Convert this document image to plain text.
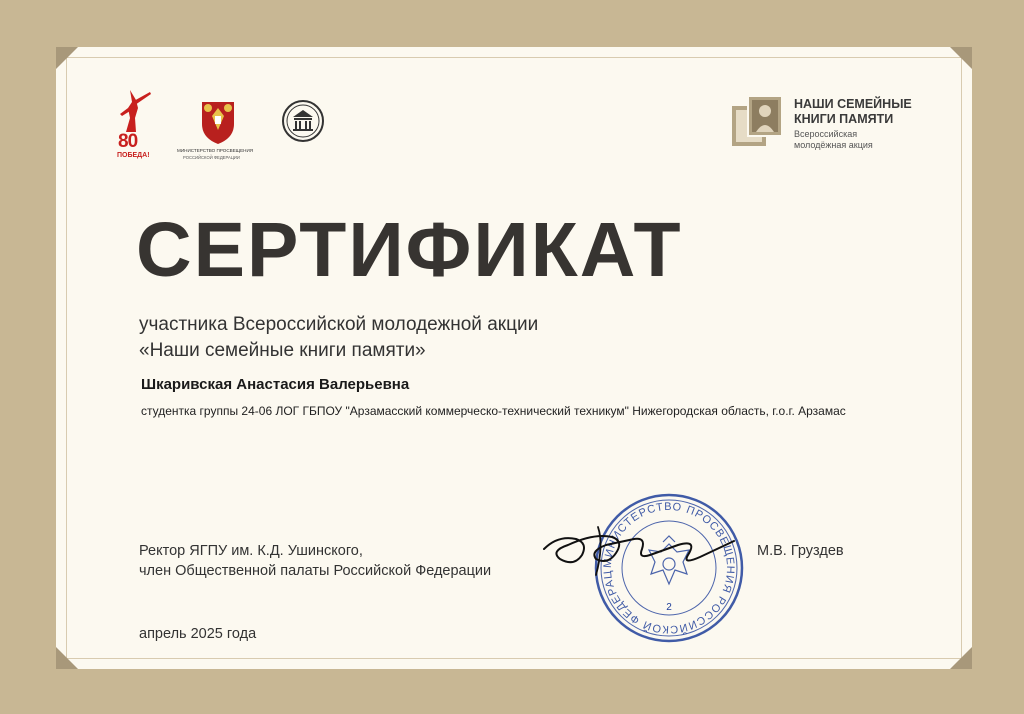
80
ПОБЕДА!
МИНИСТЕРСТВО ПРОСВЕЩЕНИЯ
РОССИЙСКОЙ ФЕДЕРАЦИИ
НАШИ СЕМЕЙНЫЕ
КНИГИ ПАМЯТИ
Всероссийская
молодёжная акция
СЕРТИФИКАТ
участника Всероссийской молодежной акции
«Наши семейные книги памяти»
Шкаривская Анастасия Валерьевна
студентка группы 24-06 ЛОГ ГБПОУ "Арзамасский коммерческо-технический техникум" Нижегородская область, г.о.г. Арзамас
Ректор ЯГПУ им. К.Д. Ушинского,
член Общественной палаты Российской Федерации
М.В. Груздев
апрель 2025 года
МИНИСТЕРСТВО ПРОСВЕЩЕНИЯ РОССИЙСКОЙ ФЕДЕРАЦ
2
